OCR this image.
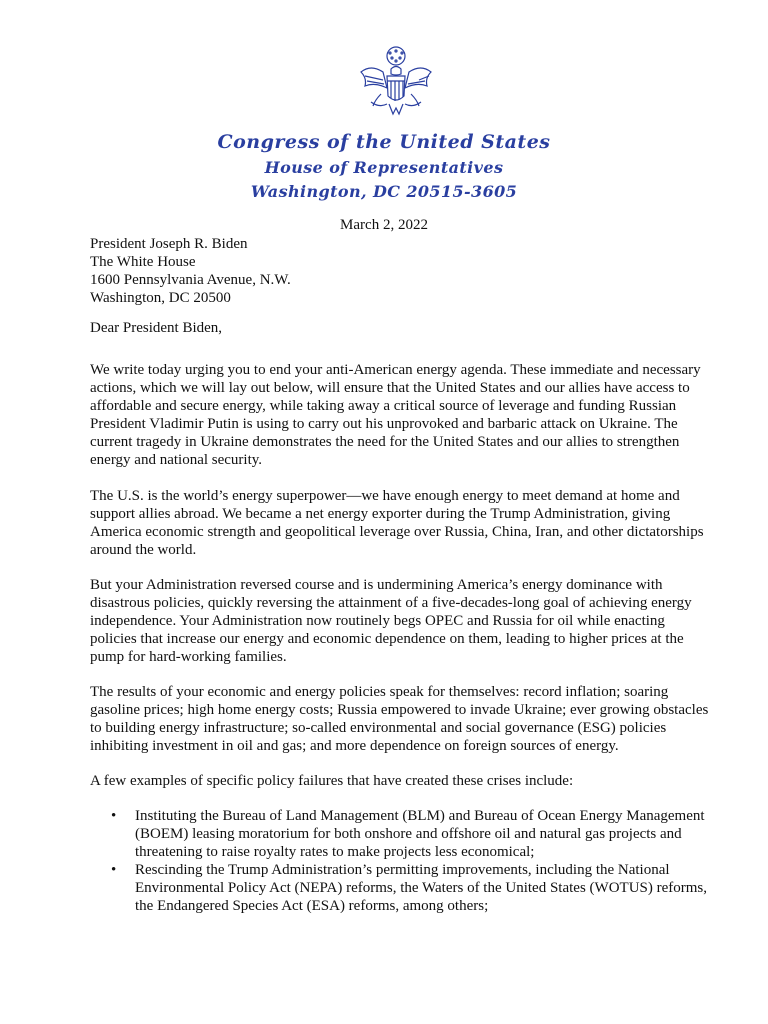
Congress of the United States
House of Representatives
Washington, DC 20515-3605
March 2, 2022
President Joseph R. Biden
The White House
1600 Pennsylvania Avenue, N.W.
Washington, DC 20500
Dear President Biden,

We write today urging you to end your anti-American energy agenda. These immediate and necessary actions, which we will lay out below, will ensure that the United States and our allies have access to affordable and secure energy, while taking away a critical source of leverage and funding Russian President Vladimir Putin is using to carry out his unprovoked and barbaric attack on Ukraine. The current tragedy in Ukraine demonstrates the need for the United States and our allies to strengthen energy and national security.

The U.S. is the world’s energy superpower—we have enough energy to meet demand at home and support allies abroad. We became a net energy exporter during the Trump Administration, giving America economic strength and geopolitical leverage over Russia, China, Iran, and other dictatorships around the world.

But your Administration reversed course and is undermining America’s energy dominance with disastrous policies, quickly reversing the attainment of a five-decades-long goal of achieving energy independence. Your Administration now routinely begs OPEC and Russia for oil while enacting policies that increase our energy and economic dependence on them, leading to higher prices at the pump for hard-working families.

The results of your economic and energy policies speak for themselves: record inflation; soaring gasoline prices; high home energy costs; Russia empowered to invade Ukraine; ever growing obstacles to building energy infrastructure; so-called environmental and social governance (ESG) policies inhibiting investment in oil and gas; and more dependence on foreign sources of energy.

A few examples of specific policy failures that have created these crises include:

• Instituting the Bureau of Land Management (BLM) and Bureau of Ocean Energy Management (BOEM) leasing moratorium for both onshore and offshore oil and natural gas projects and threatening to raise royalty rates to make projects less economical;
• Rescinding the Trump Administration’s permitting improvements, including the National Environmental Policy Act (NEPA) reforms, the Waters of the United States (WOTUS) reforms, the Endangered Species Act (ESA) reforms, among others;
